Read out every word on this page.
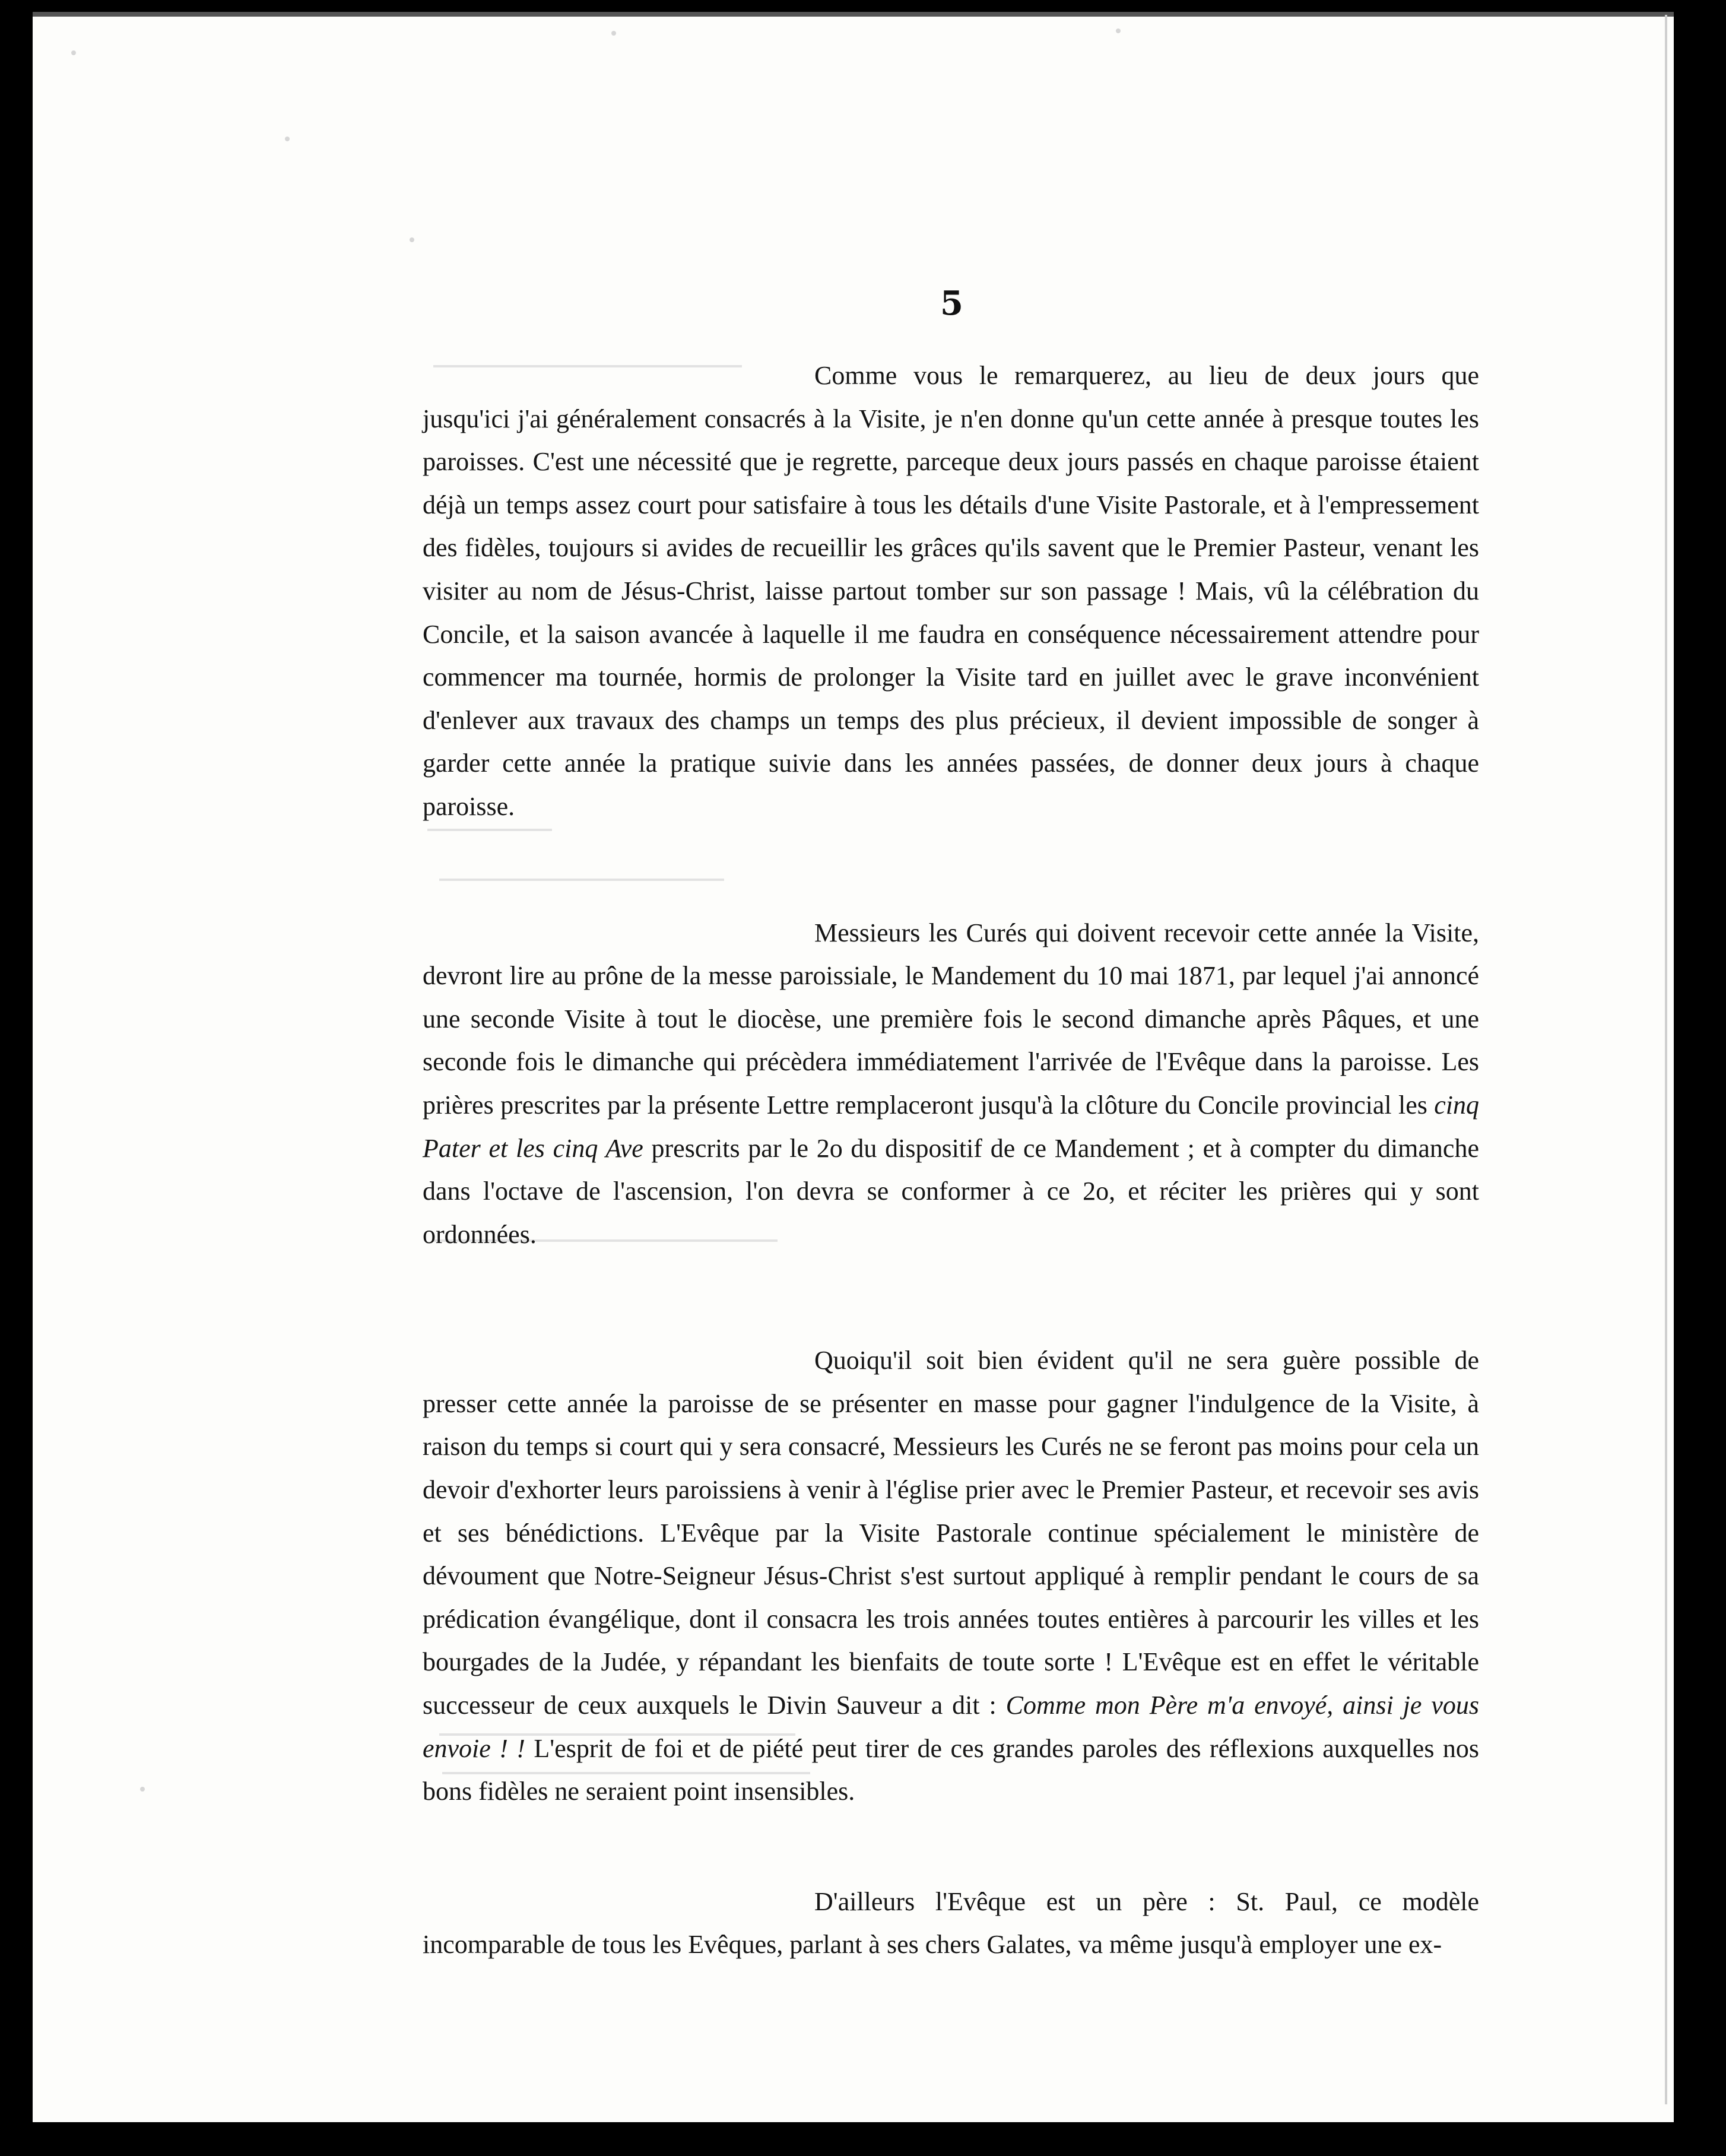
5

Comme vous le remarquerez, au lieu de deux jours que jusqu'ici j'ai généralement consacrés à la Visite, je n'en donne qu'un cette année à presque toutes les paroisses. C'est une nécessité que je regrette, parceque deux jours passés en chaque paroisse étaient déjà un temps assez court pour satisfaire à tous les détails d'une Visite Pastorale, et à l'empressement des fidèles, toujours si avides de recueillir les grâces qu'ils savent que le Premier Pasteur, venant les visiter au nom de Jésus-Christ, laisse partout tomber sur son passage ! Mais, vû la célébration du Concile, et la saison avancée à laquelle il me faudra en conséquence nécessairement attendre pour commencer ma tournée, hormis de prolonger la Visite tard en juillet avec le grave inconvénient d'enlever aux travaux des champs un temps des plus précieux, il devient impossible de songer à garder cette année la pratique suivie dans les années passées, de donner deux jours à chaque paroisse.

Messieurs les Curés qui doivent recevoir cette année la Visite, devront lire au prône de la messe paroissiale, le Mandement du 10 mai 1871, par lequel j'ai annoncé une seconde Visite à tout le diocèse, une première fois le second dimanche après Pâques, et une seconde fois le dimanche qui précèdera immédiatement l'arrivée de l'Evêque dans la paroisse. Les prières prescrites par la présente Lettre remplaceront jusqu'à la clôture du Concile provincial les cinq Pater et les cinq Ave prescrits par le 2o du dispositif de ce Mandement ; et à compter du dimanche dans l'octave de l'ascension, l'on devra se conformer à ce 2o, et réciter les prières qui y sont ordonnées.

Quoiqu'il soit bien évident qu'il ne sera guère possible de presser cette année la paroisse de se présenter en masse pour gagner l'indulgence de la Visite, à raison du temps si court qui y sera consacré, Messieurs les Curés ne se feront pas moins pour cela un devoir d'exhorter leurs paroissiens à venir à l'église prier avec le Premier Pasteur, et recevoir ses avis et ses bénédictions. L'Evêque par la Visite Pastorale continue spécialement le ministère de dévoument que Notre-Seigneur Jésus-Christ s'est surtout appliqué à remplir pendant le cours de sa prédication évangélique, dont il consacra les trois années toutes entières à parcourir les villes et les bourgades de la Judée, y répandant les bienfaits de toute sorte ! L'Evêque est en effet le véritable successeur de ceux auxquels le Divin Sauveur a dit : Comme mon Père m'a envoyé, ainsi je vous envoie ! ! L'esprit de foi et de piété peut tirer de ces grandes paroles des réflexions auxquelles nos bons fidèles ne seraient point insensibles.

D'ailleurs l'Evêque est un père : St. Paul, ce modèle incomparable de tous les Evêques, parlant à ses chers Galates, va même jusqu'à employer une ex-
